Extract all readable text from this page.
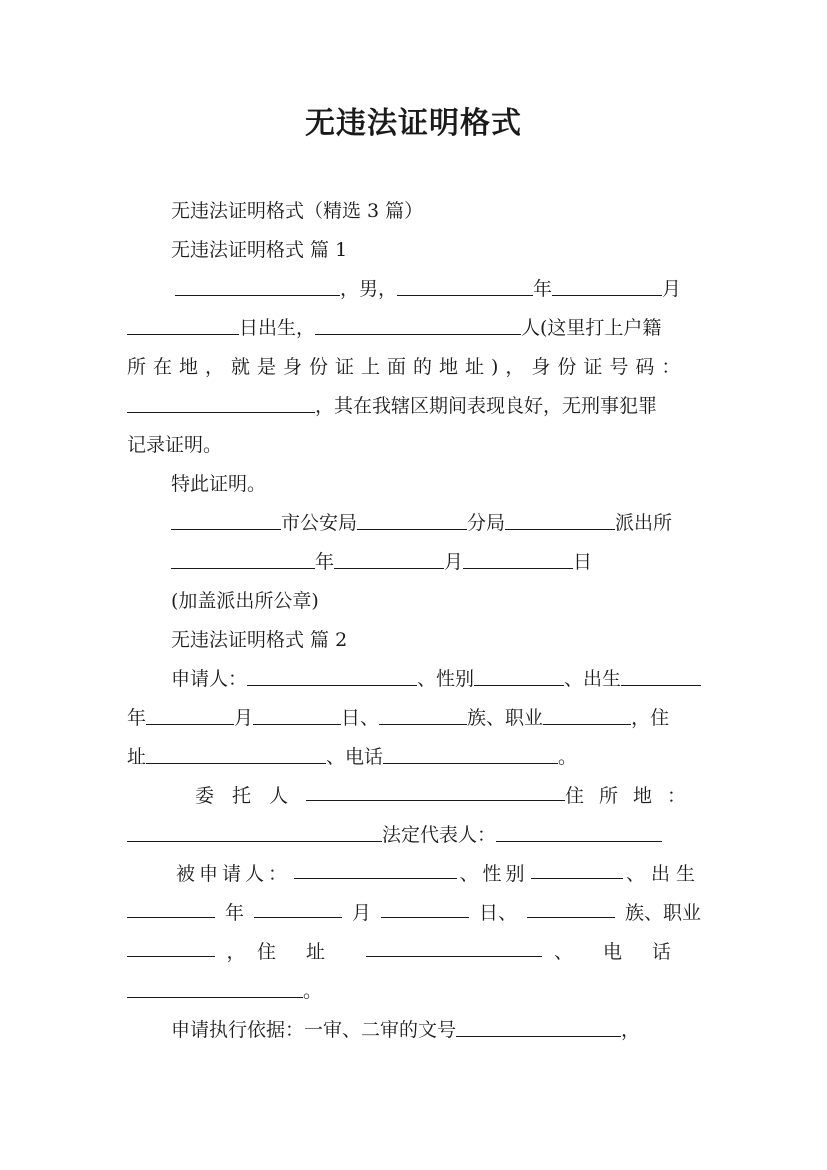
无违法证明格式
无违法证明格式（精选 3 篇）
无违法证明格式 篇 1
，男，	年	月
日出生，	人(这里打上户籍
所在地，就是身份证上面的地址)，身份证号码：
，其在我辖区期间表现良好，无刑事犯罪
记录证明。
特此证明。
市公安局	分局	派出所
年	月	日
(加盖派出所公章)
无违法证明格式 篇 2
申请人：	、性别	、出生
年	月	日、	族、职业	，住
址	、电话	。
委托人	住所地：
法定代表人：
被申请人：	、性别	、出生
年	月	日、	族、职业
， 住址	、电话
。
申请执行依据：一审、二审的文号	，
